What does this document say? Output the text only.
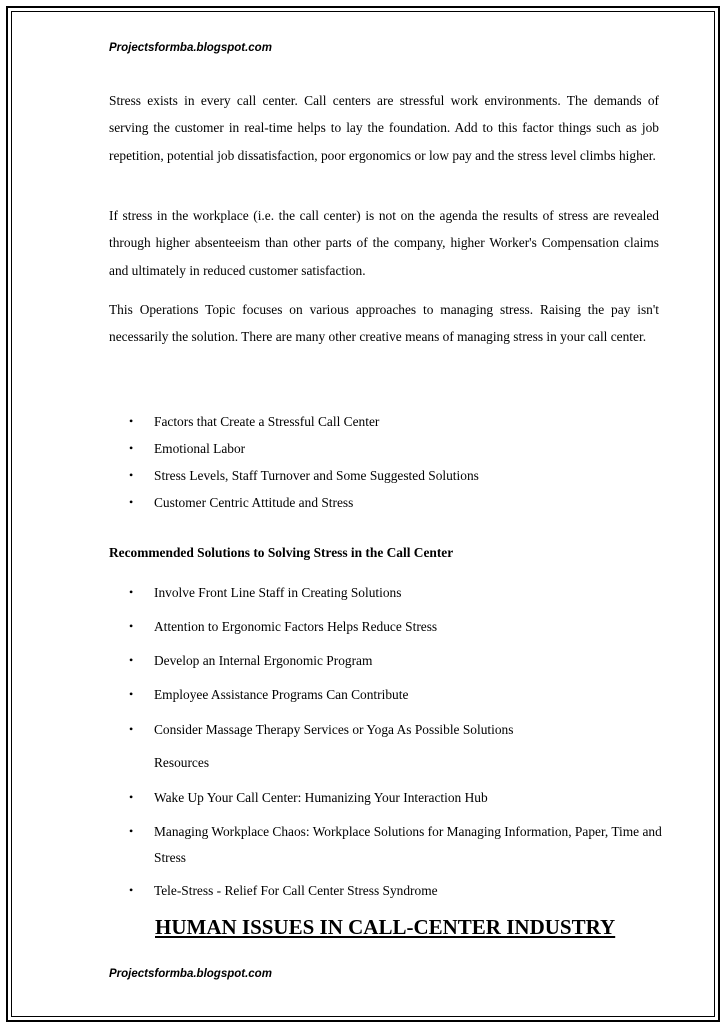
Projectsformba.blogspot.com

Stress exists in every call center. Call centers are stressful work environments. The demands of serving the customer in real-time helps to lay the foundation. Add to this factor things such as job repetition, potential job dissatisfaction, poor ergonomics or low pay and the stress level climbs higher.

If stress in the workplace (i.e. the call center) is not on the agenda the results of stress are revealed through higher absenteeism than other parts of the company, higher Worker's Compensation claims and ultimately in reduced customer satisfaction.

This Operations Topic focuses on various approaches to managing stress. Raising the pay isn't necessarily the solution. There are many other creative means of managing stress in your call center.

• Factors that Create a Stressful Call Center
• Emotional Labor
• Stress Levels, Staff Turnover and Some Suggested Solutions
• Customer Centric Attitude and Stress
Recommended Solutions to Solving Stress in the Call Center
• Involve Front Line Staff in Creating Solutions
• Attention to Ergonomic Factors Helps Reduce Stress
• Develop an Internal Ergonomic Program
• Employee Assistance Programs Can Contribute
• Consider Massage Therapy Services or Yoga As Possible Solutions
Resources
• Wake Up Your Call Center: Humanizing Your Interaction Hub
• Managing Workplace Chaos: Workplace Solutions for Managing Information, Paper, Time and Stress
• Tele-Stress - Relief For Call Center Stress Syndrome
HUMAN ISSUES IN CALL-CENTER INDUSTRY
Projectsformba.blogspot.com
